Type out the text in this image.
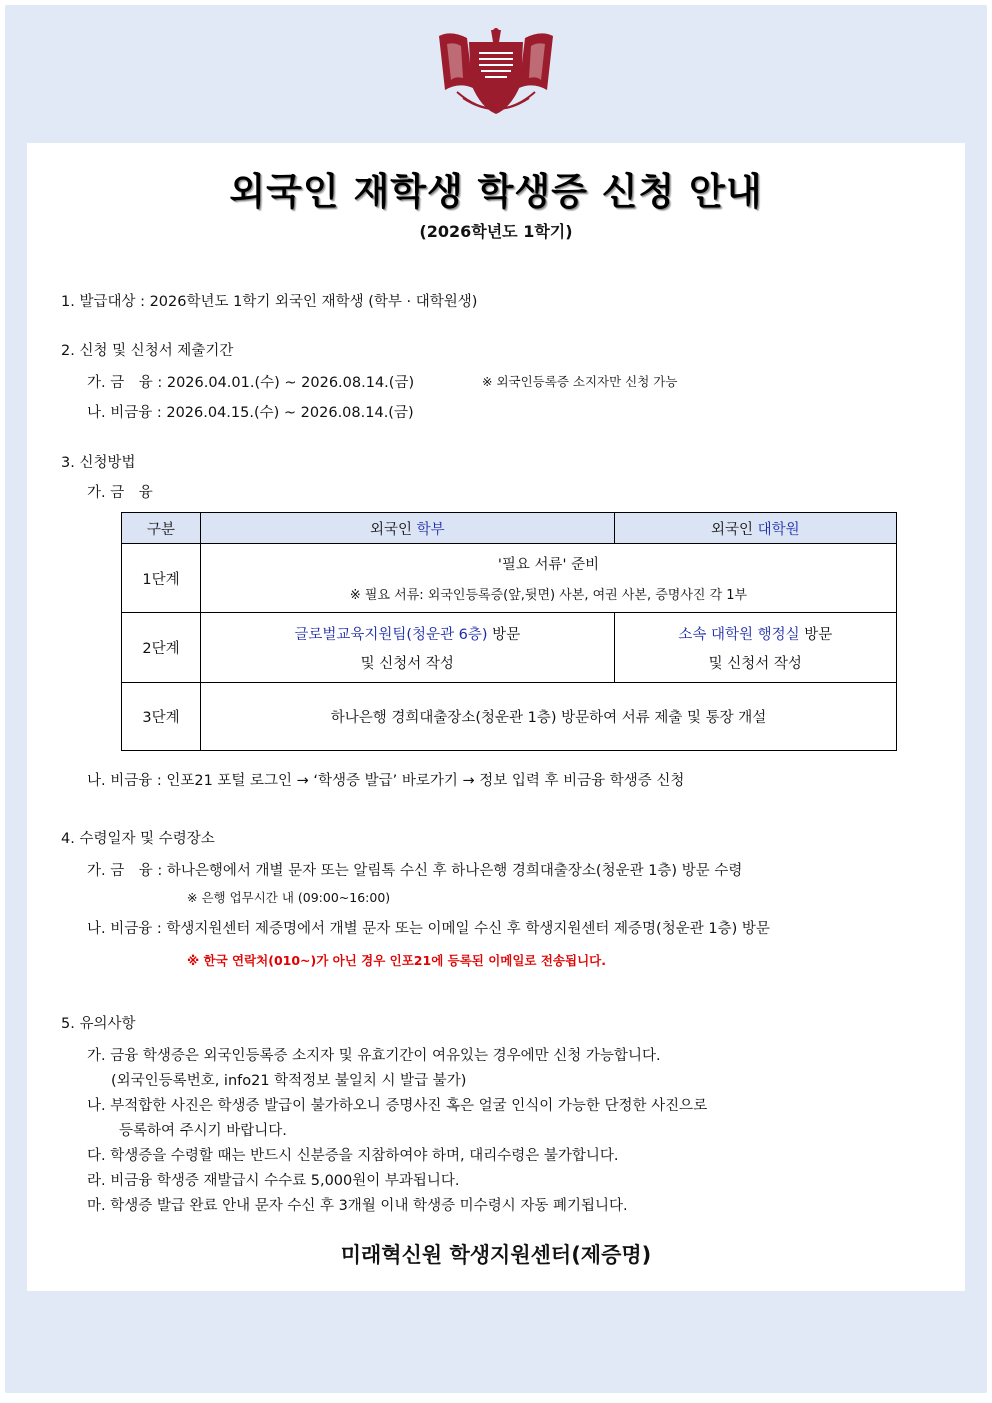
외국인 재학생 학생증 신청 안내
(2026학년도 1학기)
1. 발급대상 : 2026학년도 1학기 외국인 재학생 (학부 · 대학원생)
2. 신청 및 신청서 제출기간
가. 금　융 : 2026.04.01.(수) ~ 2026.08.14.(금)	※ 외국인등록증 소지자만 신청 가능
나. 비금융 : 2026.04.15.(수) ~ 2026.08.14.(금)
3. 신청방법
가. 금　융
구분	외국인 학부	외국인 대학원
1단계	'필요 서류' 준비
※ 필요 서류: 외국인등록증(앞,뒷면) 사본, 여권 사본, 증명사진 각 1부	

2단계	글로벌교육지원팀(청운관 6층) 방문
및 신청서 작성	소속 대학원 행정실 방문
및 신청서 작성

3단계	하나은행 경희대출장소(청운관 1층) 방문하여 서류 제출 및 통장 개설	
나. 비금융 : 인포21 포털 로그인 → ‘학생증 발급’ 바로가기 → 정보 입력 후 비금융 학생증 신청
4. 수령일자 및 수령장소
가. 금　융 : 하나은행에서 개별 문자 또는 알림톡 수신 후 하나은행 경희대출장소(청운관 1층) 방문 수령
※ 은행 업무시간 내 (09:00~16:00)
나. 비금융 : 학생지원센터 제증명에서 개별 문자 또는 이메일 수신 후 학생지원센터 제증명(청운관 1층) 방문
※ 한국 연락처(010~)가 아닌 경우 인포21에 등록된 이메일로 전송됩니다.
5. 유의사항
가. 금융 학생증은 외국인등록증 소지자 및 유효기간이 여유있는 경우에만 신청 가능합니다.
(외국인등록번호, info21 학적정보 불일치 시 발급 불가)
나. 부적합한 사진은 학생증 발급이 불가하오니 증명사진 혹은 얼굴 인식이 가능한 단정한 사진으로
등록하여 주시기 바랍니다.
다. 학생증을 수령할 때는 반드시 신분증을 지참하여야 하며, 대리수령은 불가합니다.
라. 비금융 학생증 재발급시 수수료 5,000원이 부과됩니다.
마. 학생증 발급 완료 안내 문자 수신 후 3개월 이내 학생증 미수령시 자동 폐기됩니다.
미래혁신원 학생지원센터(제증명)
